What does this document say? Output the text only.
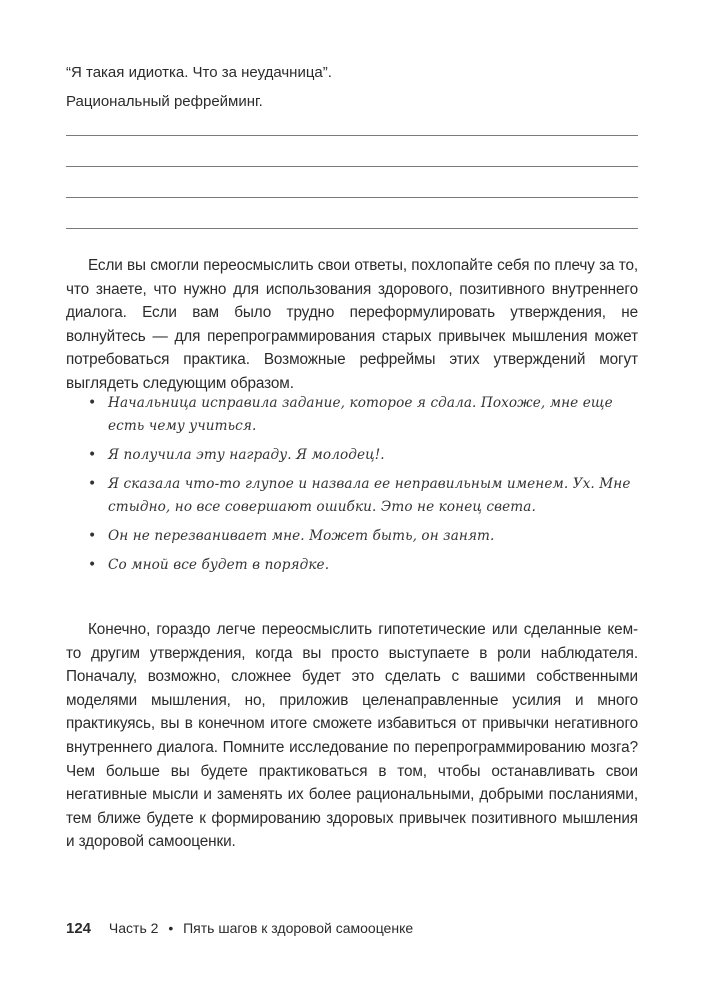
“Я такая идиотка. Что за неудачница”.

Рациональный рефрейминг.

Если вы смогли переосмыслить свои ответы, похлопайте себя по плечу за то, что знаете, что нужно для использования здорового, позитивного внутреннего диалога. Если вам было трудно переформулировать утверждения, не волнуйтесь — для перепрограммирования старых привычек мышления может потребоваться практика. Возможные рефреймы этих утверждений могут выглядеть следующим образом.

• Начальница исправила задание, которое я сдала. Похоже, мне еще есть чему учиться.
• Я получила эту награду. Я молодец!.
• Я сказала что-то глупое и назвала ее неправильным именем. Ух. Мне стыдно, но все совершают ошибки. Это не конец света.
• Он не перезванивает мне. Может быть, он занят.
• Со мной все будет в порядке.

Конечно, гораздо легче переосмыслить гипотетические или сделанные кем-то другим утверждения, когда вы просто выступаете в роли наблюдателя. Поначалу, возможно, сложнее будет это сделать с вашими собственными моделями мышления, но, приложив целенаправленные усилия и много практикуясь, вы в конечном итоге сможете избавиться от привычки негативного внутреннего диалога. Помните исследование по перепрограммированию мозга? Чем больше вы будете практиковаться в том, чтобы останавливать свои негативные мысли и заменять их более рациональными, добрыми посланиями, тем ближе будете к формированию здоровых привычек позитивного мышления и здоровой самооценки.

124 Часть 2 • Пять шагов к здоровой самооценке
